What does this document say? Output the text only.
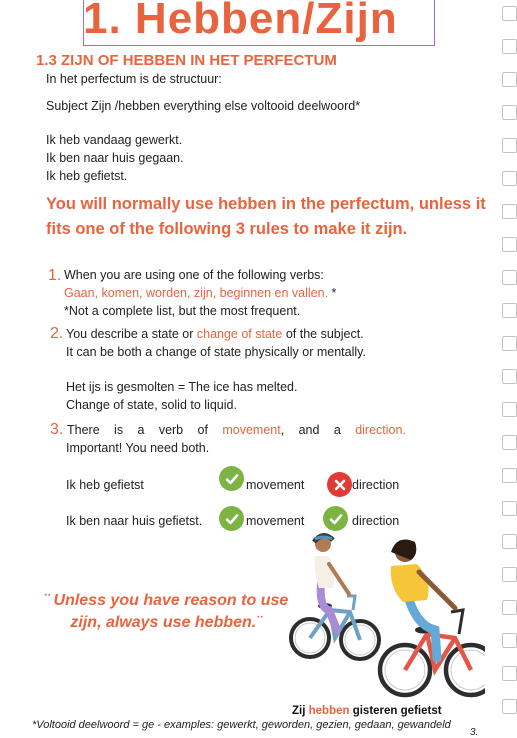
1. Hebben/Zijn
1.3 ZIJN OF HEBBEN IN HET PERFECTUM
In het perfectum is de structuur:
Subject Zijn /hebben everything else voltooid deelwoord*
Ik heb vandaag gewerkt.
Ik ben naar huis gegaan.
Ik heb gefietst.
You will normally use hebben in the perfectum, unless it fits one of the following 3 rules to make it zijn.
1. When you are using one of the following verbs:
Gaan, komen, worden, zijn, beginnen en vallen. *
*Not a complete list, but the most frequent.
2. You describe a state or change of state of the subject.
It can be both a change of state physically or mentally.
Het ijs is gesmolten = The ice has melted.
Change of state, solid to liquid.
3. There is a verb of movement, and a direction.
Important! You need both.
Ik heb gefietst	movement	direction
Ik ben naar huis gefietst.	movement	direction
¨ Unless you have reason to use zijn, always use hebben.¨
Zij hebben gisteren gefietst
*Voltooid deelwoord = ge - examples: gewerkt, geworden, gezien, gedaan, gewandeld
3.
